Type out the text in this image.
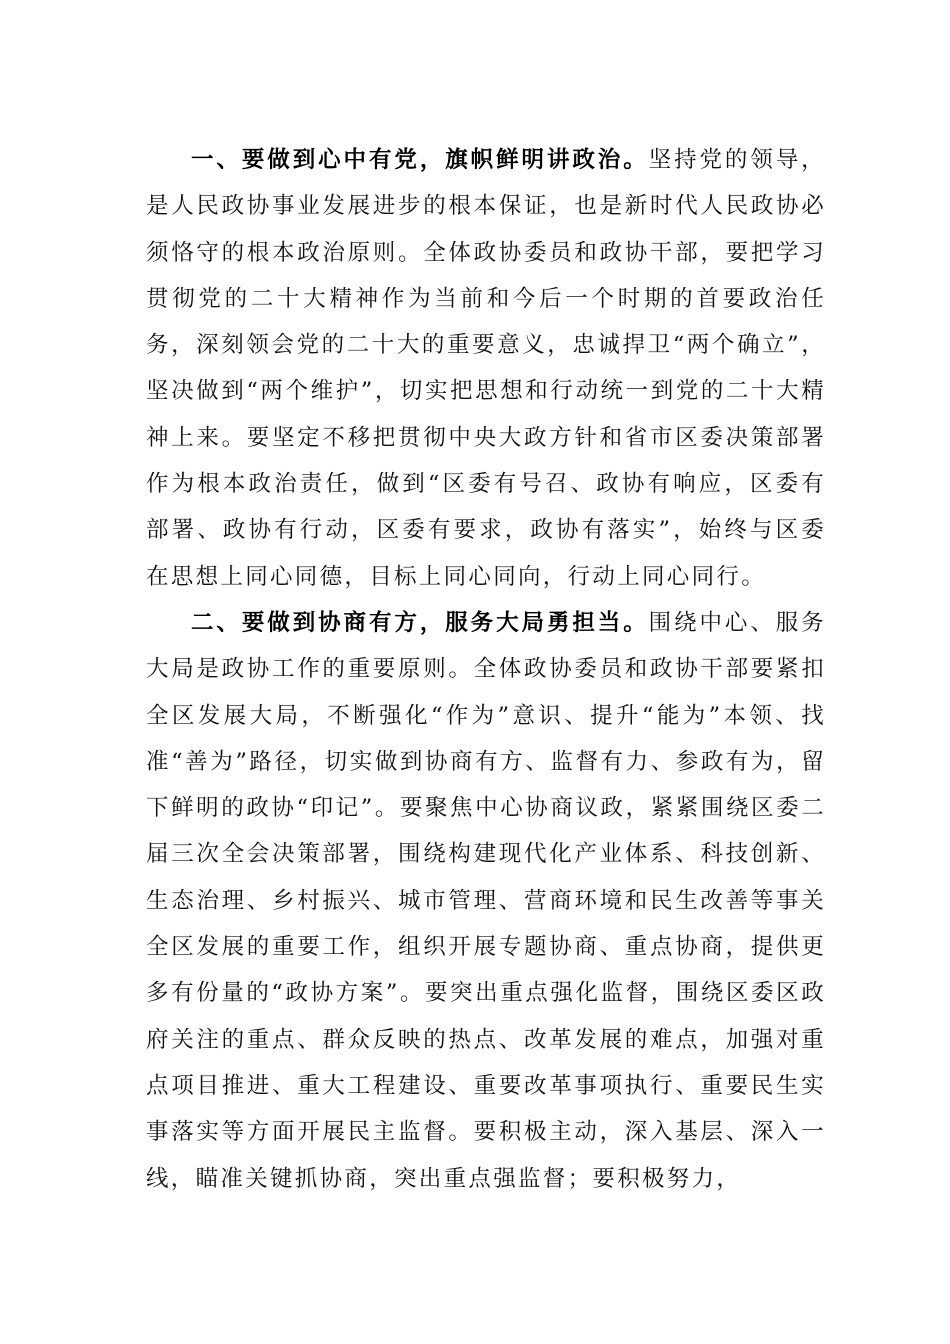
一、要做到心中有党，旗帜鲜明讲政治。坚持党的领导，是人民政协事业发展进步的根本保证，也是新时代人民政协必须恪守的根本政治原则。全体政协委员和政协干部，要把学习贯彻党的二十大精神作为当前和今后一个时期的首要政治任务，深刻领会党的二十大的重要意义，忠诚捍卫“两个确立”，坚决做到“两个维护”，切实把思想和行动统一到党的二十大精神上来。要坚定不移把贯彻中央大政方针和省市区委决策部署作为根本政治责任，做到“区委有号召、政协有响应，区委有部署、政协有行动，区委有要求，政协有落实”，始终与区委在思想上同心同德，目标上同心同向，行动上同心同行。

二、要做到协商有方，服务大局勇担当。围绕中心、服务大局是政协工作的重要原则。全体政协委员和政协干部要紧扣全区发展大局，不断强化“作为”意识、提升“能为”本领、找准“善为”路径，切实做到协商有方、监督有力、参政有为，留下鲜明的政协“印记”。要聚焦中心协商议政，紧紧围绕区委二届三次全会决策部署，围绕构建现代化产业体系、科技创新、生态治理、乡村振兴、城市管理、营商环境和民生改善等事关全区发展的重要工作，组织开展专题协商、重点协商，提供更多有份量的“政协方案”。要突出重点强化监督，围绕区委区政府关注的重点、群众反映的热点、改革发展的难点，加强对重点项目推进、重大工程建设、重要改革事项执行、重要民生实事落实等方面开展民主监督。要积极主动，深入基层、深入一线，瞄准关键抓协商，突出重点强监督；要积极努力，
